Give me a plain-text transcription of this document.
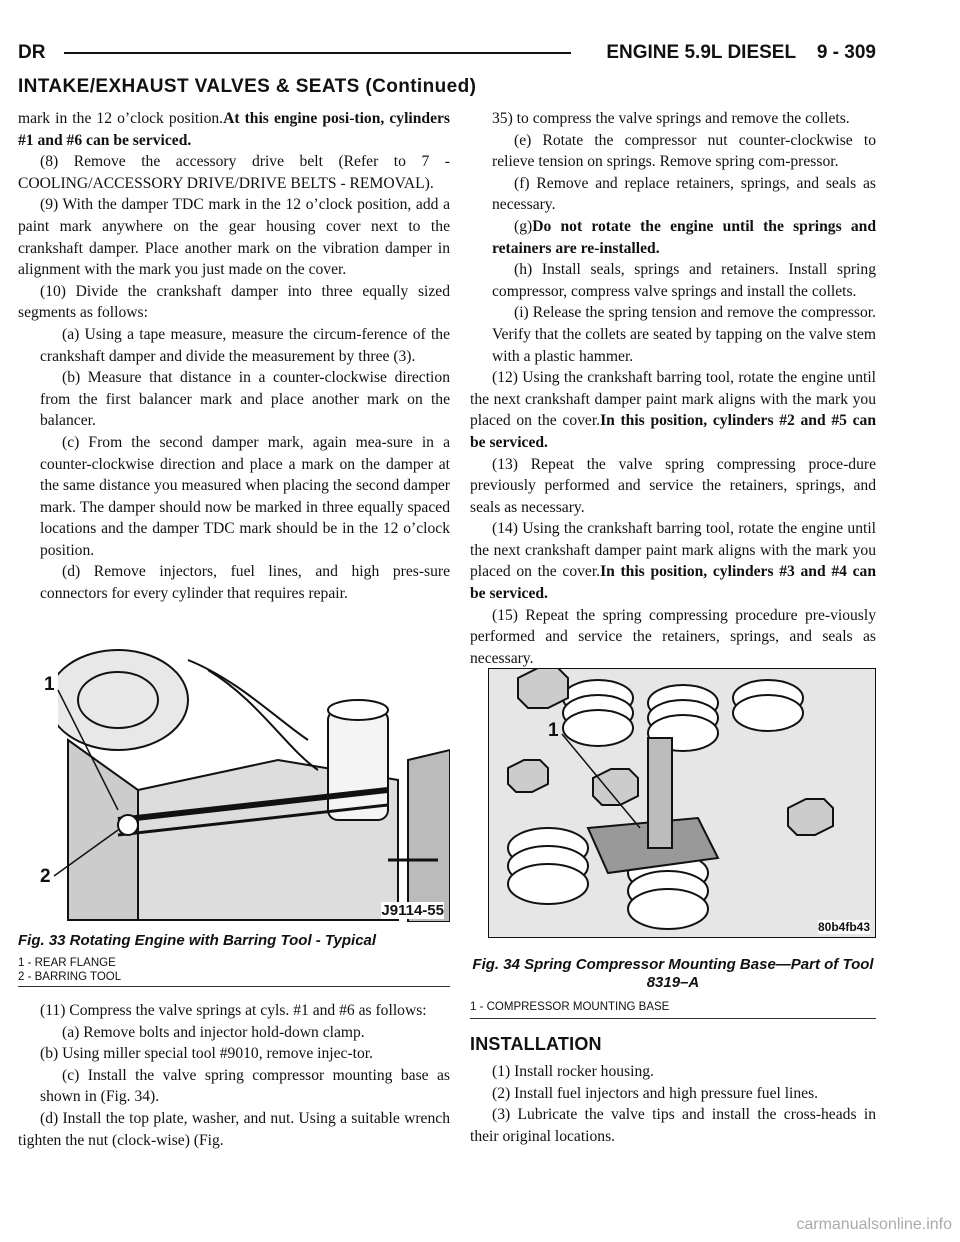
DR	ENGINE 5.9L DIESEL    9 - 309
INTAKE/EXHAUST VALVES & SEATS (Continued)

mark in the 12 o’clock position.At this engine posi-tion, cylinders #1 and #6 can be serviced.

(8) Remove the accessory drive belt (Refer to 7 - COOLING/ACCESSORY DRIVE/DRIVE BELTS - REMOVAL).

(9) With the damper TDC mark in the 12 o’clock position, add a paint mark anywhere on the gear housing cover next to the crankshaft damper. Place another mark on the vibration damper in alignment with the mark you just made on the cover.

(10) Divide the crankshaft damper into three equally sized segments as follows:

(a) Using a tape measure, measure the circum-ference of the crankshaft damper and divide the measurement by three (3).

(b) Measure that distance in a counter-clockwise direction from the first balancer mark and place another mark on the balancer.

(c) From the second damper mark, again mea-sure in a counter-clockwise direction and place a mark on the damper at the same distance you measured when placing the second damper mark. The damper should now be marked in three equally spaced locations and the damper TDC mark should be in the 12 o’clock position.

(d) Remove injectors, fuel lines, and high pres-sure connectors for every cylinder that requires repair.

1
2
J9114-55
Fig. 33 Rotating Engine with Barring Tool - Typical
1 - REAR FLANGE
2 - BARRING TOOL

(11) Compress the valve springs at cyls. #1 and #6 as follows:

(a) Remove bolts and injector hold-down clamp.

(b) Using miller special tool #9010, remove injec-tor.

(c) Install the valve spring compressor mounting base as shown in (Fig. 34).

(d) Install the top plate, washer, and nut. Using a suitable wrench tighten the nut (clock-wise) (Fig.

35) to compress the valve springs and remove the collets.

(e) Rotate the compressor nut counter-clockwise to relieve tension on springs. Remove spring com-pressor.

(f) Remove and replace retainers, springs, and seals as necessary.

(g)Do not rotate the engine until the springs and retainers are re-installed.

(h) Install seals, springs and retainers. Install spring compressor, compress valve springs and install the collets.

(i) Release the spring tension and remove the compressor. Verify that the collets are seated by tapping on the valve stem with a plastic hammer.

(12) Using the crankshaft barring tool, rotate the engine until the next crankshaft damper paint mark aligns with the mark you placed on the cover.In this position, cylinders #2 and #5 can be serviced.

(13) Repeat the valve spring compressing proce-dure previously performed and service the retainers, springs, and seals as necessary.

(14) Using the crankshaft barring tool, rotate the engine until the next crankshaft damper paint mark aligns with the mark you placed on the cover.In this position, cylinders #3 and #4 can be serviced.

(15) Repeat the spring compressing procedure pre-viously performed and service the retainers, springs, and seals as necessary.

1
80b4fb43
Fig. 34 Spring Compressor Mounting Base—Part of Tool 8319–A
1 - COMPRESSOR MOUNTING BASE
INSTALLATION

(1) Install rocker housing.

(2) Install fuel injectors and high pressure fuel lines.

(3) Lubricate the valve tips and install the cross-heads in their original locations.

carmanualsonline.info
